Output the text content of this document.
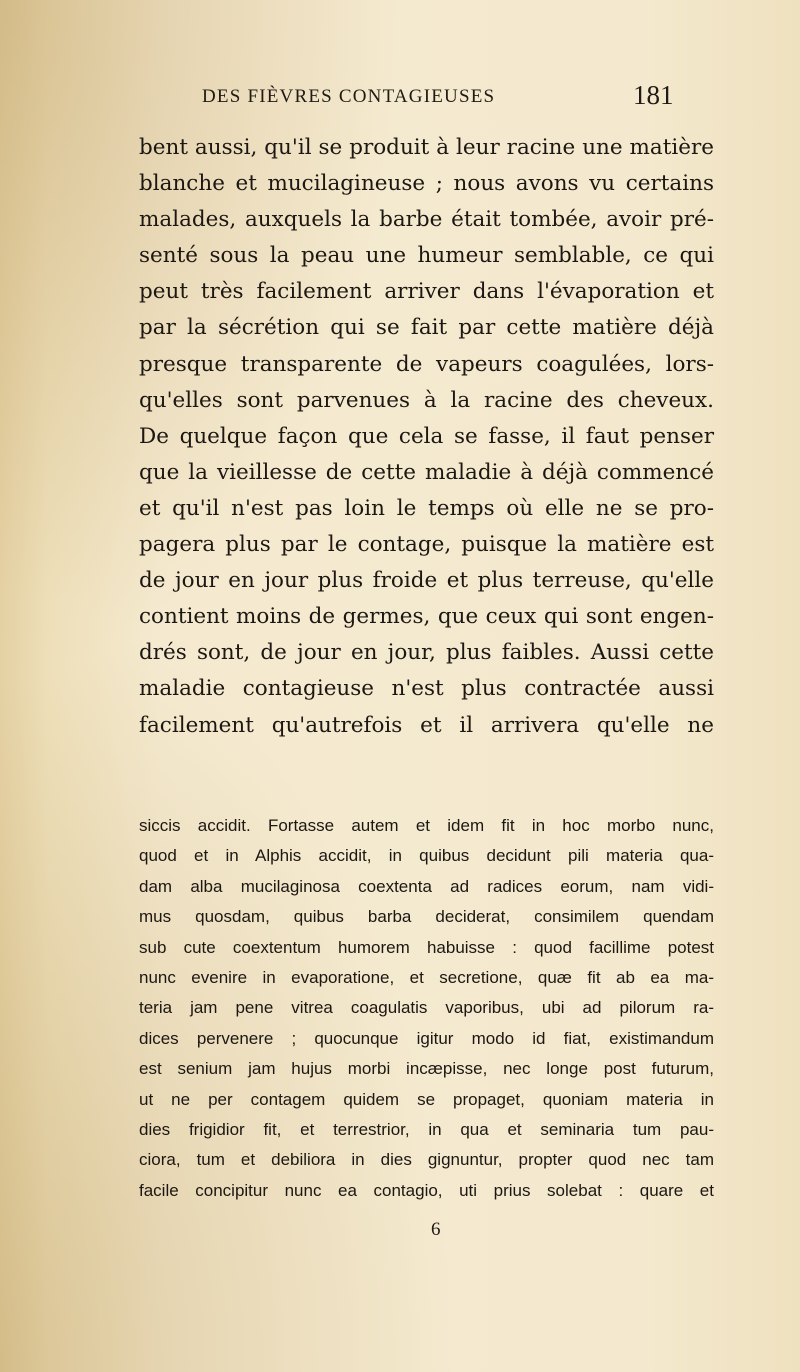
DES FIÈVRES CONTAGIEUSES	181
bent aussi, qu'il se produit à leur racine une matière
blanche et mucilagineuse ; nous avons vu certains
malades, auxquels la barbe était tombée, avoir pré-
senté sous la peau une humeur semblable, ce qui
peut très facilement arriver dans l'évaporation et
par la sécrétion qui se fait par cette matière déjà
presque transparente de vapeurs coagulées, lors-
qu'elles sont parvenues à la racine des cheveux.
De quelque façon que cela se fasse, il faut penser
que la vieillesse de cette maladie à déjà commencé
et qu'il n'est pas loin le temps où elle ne se pro-
pagera plus par le contage, puisque la matière est
de jour en jour plus froide et plus terreuse, qu'elle
contient moins de germes, que ceux qui sont engen-
drés sont, de jour en jour, plus faibles. Aussi cette
maladie contagieuse n'est plus contractée aussi
facilement qu'autrefois et il arrivera qu'elle ne
siccis accidit. Fortasse autem et idem fit in hoc morbo nunc,
quod et in Alphis accidit, in quibus decidunt pili materia qua-
dam alba mucilaginosa coextenta ad radices eorum, nam vidi-
mus quosdam, quibus barba deciderat, consimilem quendam
sub cute coextentum humorem habuisse : quod facillime potest
nunc evenire in evaporatione, et secretione, quæ fit ab ea ma-
teria jam pene vitrea coagulatis vaporibus, ubi ad pilorum ra-
dices pervenere ; quocunque igitur modo id fiat, existimandum
est senium jam hujus morbi incæpisse, nec longe post futurum,
ut ne per contagem quidem se propaget, quoniam materia in
dies frigidior fit, et terrestrior, in qua et seminaria tum pau-
ciora, tum et debiliora in dies gignuntur, propter quod nec tam
facile concipitur nunc ea contagio, uti prius solebat : quare et
6
